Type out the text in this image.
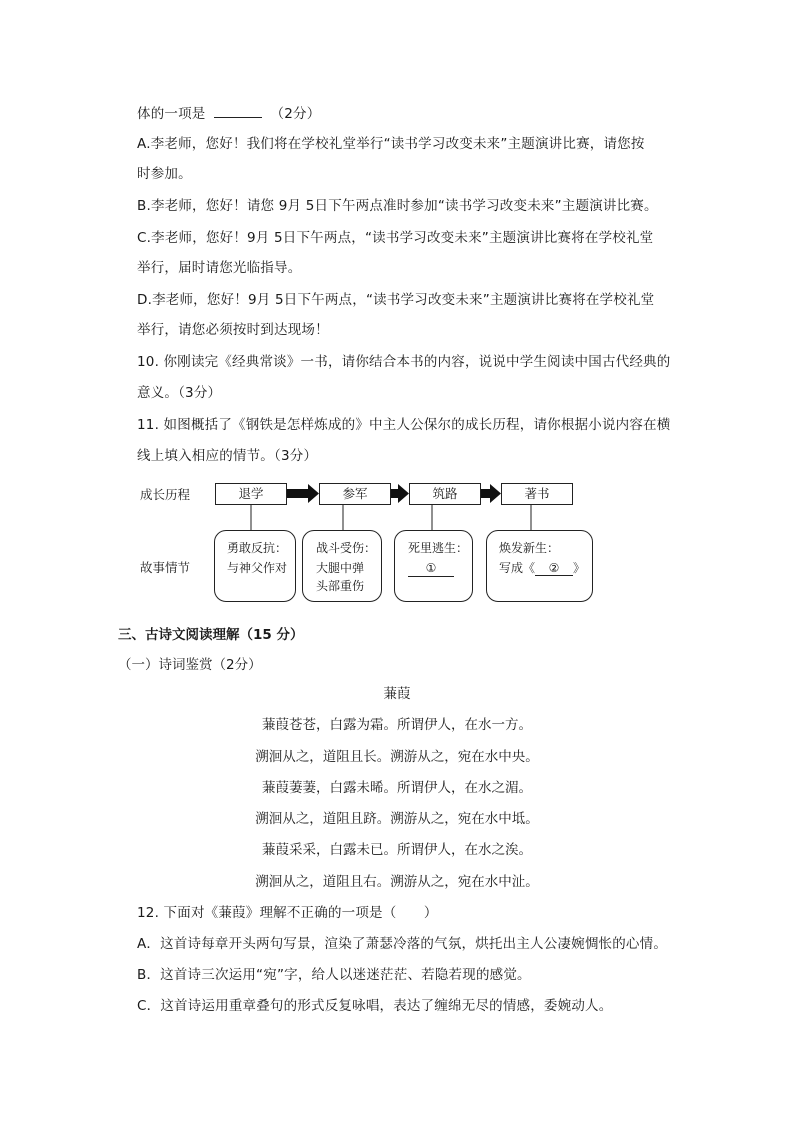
体的一项是	（2分）
A.李老师，您好！我们将在学校礼堂举行“读书学习改变未来”主题演讲比赛，请您按
时参加。
B.李老师，您好！请您 9月 5日下午两点准时参加“读书学习改变未来”主题演讲比赛。
C.李老师，您好！9月 5日下午两点，“读书学习改变未来”主题演讲比赛将在学校礼堂
举行，届时请您光临指导。
D.李老师，您好！9月 5日下午两点，“读书学习改变未来”主题演讲比赛将在学校礼堂
举行，请您必须按时到达现场！
10. 你刚读完《经典常谈》一书，请你结合本书的内容，说说中学生阅读中国古代经典的
意义。（3分）
11. 如图概括了《钢铁是怎样炼成的》中主人公保尔的成长历程，请你根据小说内容在横
线上填入相应的情节。（3分）
成长历程
故事情节
退学	参军	筑路	著书
勇敢反抗：
与神父作对
战斗受伤：
大腿中弹
头部重伤
死里逃生：
①
焕发新生：
写成《 ② 》
三、古诗文阅读理解（15 分）
（一）诗词鉴赏（2分）
蒹葭
蒹葭苍苍，白露为霜。所谓伊人，在水一方。
溯洄从之，道阻且长。溯游从之，宛在水中央。
蒹葭萋萋，白露未晞。所谓伊人，在水之湄。
溯洄从之，道阻且跻。溯游从之，宛在水中坻。
蒹葭采采，白露未已。所谓伊人，在水之涘。
溯洄从之，道阻且右。溯游从之，宛在水中沚。
12. 下面对《蒹葭》理解不正确的一项是（　　）
A．这首诗每章开头两句写景，渲染了萧瑟冷落的气氛，烘托出主人公凄婉惆怅的心情。
B．这首诗三次运用“宛”字，给人以迷迷茫茫、若隐若现的感觉。
C．这首诗运用重章叠句的形式反复咏唱，表达了缠绵无尽的情感，委婉动人。
